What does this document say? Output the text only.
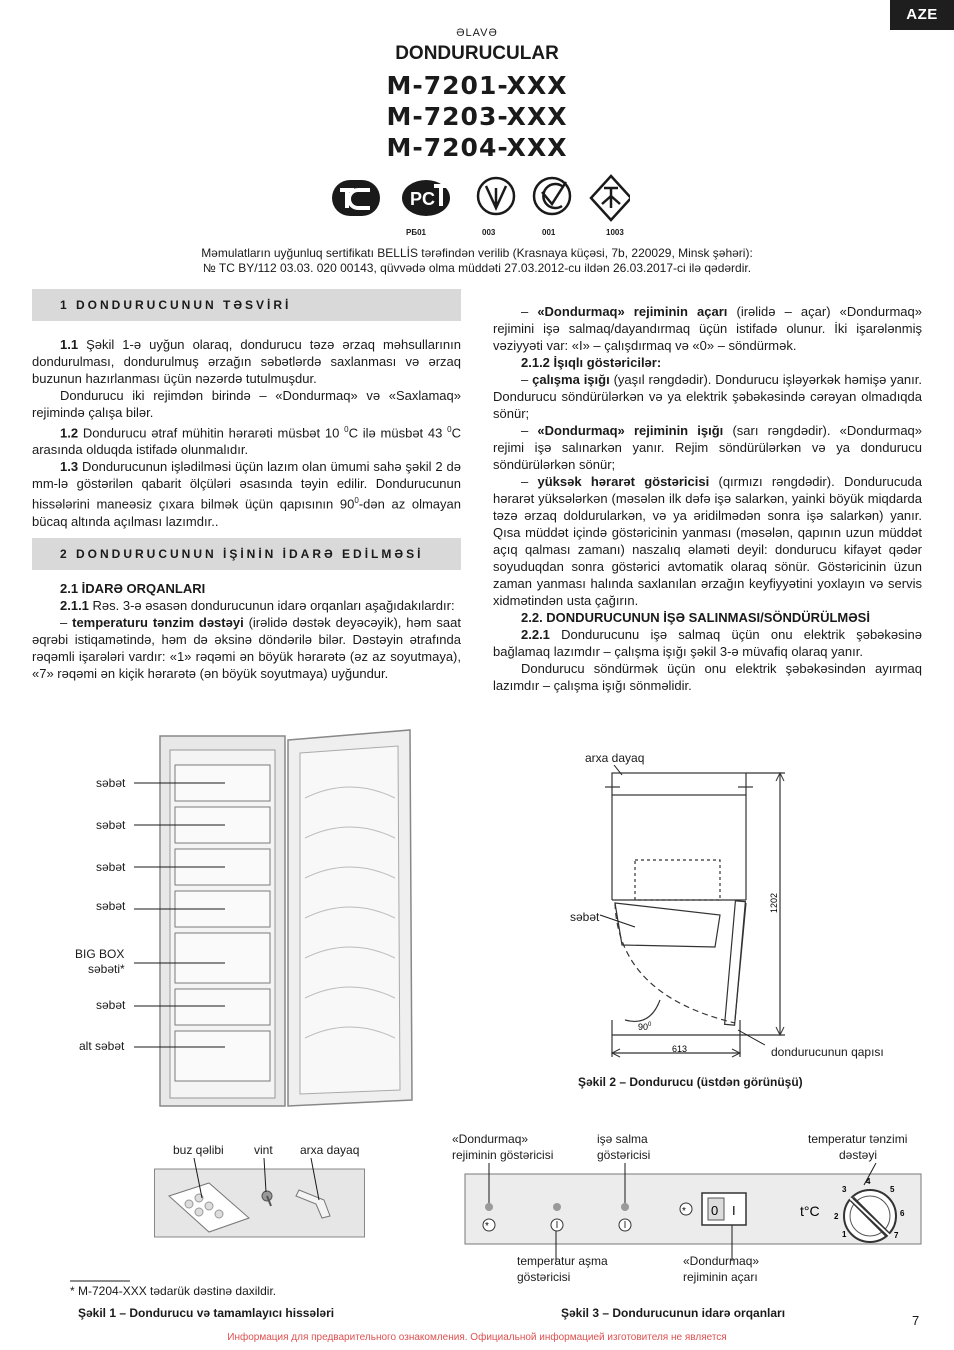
AZE
ƏLAVƏ
DONDURUCULAR
M-7201-XXX
M-7203-XXX
M-7204-XXX
PC
РБ01	003	001	1003
Məmulatların uyğunluq sertifikatı BELLİS tərəfindən verilib (Krasnaya küçəsi, 7b, 220029, Minsk şəhəri):
№ TC BY/112 03.03. 020 00143, qüvvədə olma müddəti 27.03.2012-cu ildən 26.03.2017-ci ilə qədərdir.
1 DONDURUCUNUN TƏSVİRİ

1.1 Şəkil 1-ə uyğun olaraq, dondurucu təzə ərzaq məhsullarının dondurulması, dondurulmuş ərzağın səbətlərdə saxlanması və ərzaq buzunun hazırlanması üçün nəzərdə tutulmuşdur.

Dondurucu iki rejimdən birində – «Dondurmaq» və «Saxlamaq» rejimində çalışa bilər.

1.2 Dondurucu ətraf mühitin hərarəti müsbət 10 $^0$C ilə müsbət 43 $^0$C arasında olduqda istifadə olunmalıdır.

1.3 Dondurucunun işlədilməsi üçün lazım olan ümumi sahə şəkil 2 də mm-lə göstərilən qabarit ölçüləri əsasında təyin edilir. Dondurucunun hissələrini maneəsiz çıxara bilmək üçün qapısının $90^0$-dən az olmayan bücaq altında açılması lazımdır..

2 DONDURUCUNUN İŞİNİN İDARƏ EDİLMƏSİ

2.1 İDARƏ ORQANLARI

2.1.1 Rəs. 3-ə əsasən dondurucunun idarə orqanları aşağıdakılardır:

– temperaturu tənzim dəstəyi (irəlidə dəstək deyəcəyik), həm saat əqrəbi istiqamətində, həm də əksinə döndərilə bilər. Dəstəyin ətrafında rəqəmli işarələri vardır: «1» rəqəmi ən böyük hərarətə (əz az soyutmaya), «7» rəqəmi ən kiçik hərarətə (ən böyük soyutmaya) uyğundur.

– «Dondurmaq» rejiminin açarı (irəlidə – açar) «Dondurmaq» rejimini işə salmaq/dayandırmaq üçün istifadə olunur. İki işarələnmiş vəziyyəti var: «I» – çalışdırmaq və «0» – söndürmək.

2.1.2 İşıqlı göstəricilər:

– çalışma işığı (yaşıl rəngdədir). Dondurucu işləyərkək həmişə yanır. Dondurucu söndürülərkən və ya elektrik şəbəkəsində cərəyan olmadıqda sönür;

– «Dondurmaq» rejiminin işığı (sarı rəngdədir). «Dondurmaq» rejimi işə salınarkən yanır. Rejim söndürülərkən və ya dondurucu söndürülərkən sönür;

– yüksək hərarət göstəricisi (qırmızı rəngdədir). Dondurucuda hərarət yüksələrkən (məsələn ilk dəfə işə salarkən, yainki böyük miqdarda təzə ərzaq doldurularkən, və ya əridilmədən sonra işə salarkən) yanır. Qısa müddət içində göstəricinin yanması (məsələn, qapının uzun müddət açıq qalması zamanı) naszalıq əlaməti deyil: dondurucu kifayət qədər soyuduqdan sonra göstərici avtomatik olaraq sönür. Göstəricinin üzun zaman yanması halında saxlanılan ərzağın keyfiyyətini yoxlayın və servis xidmətindən usta çağırın.

2.2. DONDURUCUNUN İŞƏ SALINMASI/SÖNDÜRÜLMƏSİ

2.2.1 Dondurucunu işə salmaq üçün onu elektrik şəbəkəsinə bağlamaq lazımdır – çalışma işığı şəkil 3-ə müvafiq olaraq yanır.

Dondurucu söndürmək üçün onu elektrik şəbəkəsindən ayırmaq lazımdır – çalışma işığı sönməlidir.

səbət
səbət
səbət
səbət
BIG BOX
səbəti*
səbət
alt səbət
buz qəlibi	vint arxa dayaq
* M-7204-XXX tədarük dəstinə daxildir.
Şəkil 1 – Dondurucu və tamamlayıcı hissələri
$90^0$
613
1202
arxa dayaq
səbət
dondurucunun qapısı
Şəkil 2 – Dondurucu (üstdən görünüşü)
«Dondurmaq»
rejiminin göstəricisi
işə salma
göstəricisi
temperatur tənzimi
dəstəyi
*
* 0 I	t°C
1
2
3
4
5
6
7
temperatur aşma
göstəricisi
«Dondurmaq»
rejiminin açarı
Şəkil 3 – Dondurucunun idarə orqanları	7
Информация для предварительного ознакомления. Официальной информацией изготовителя не является
